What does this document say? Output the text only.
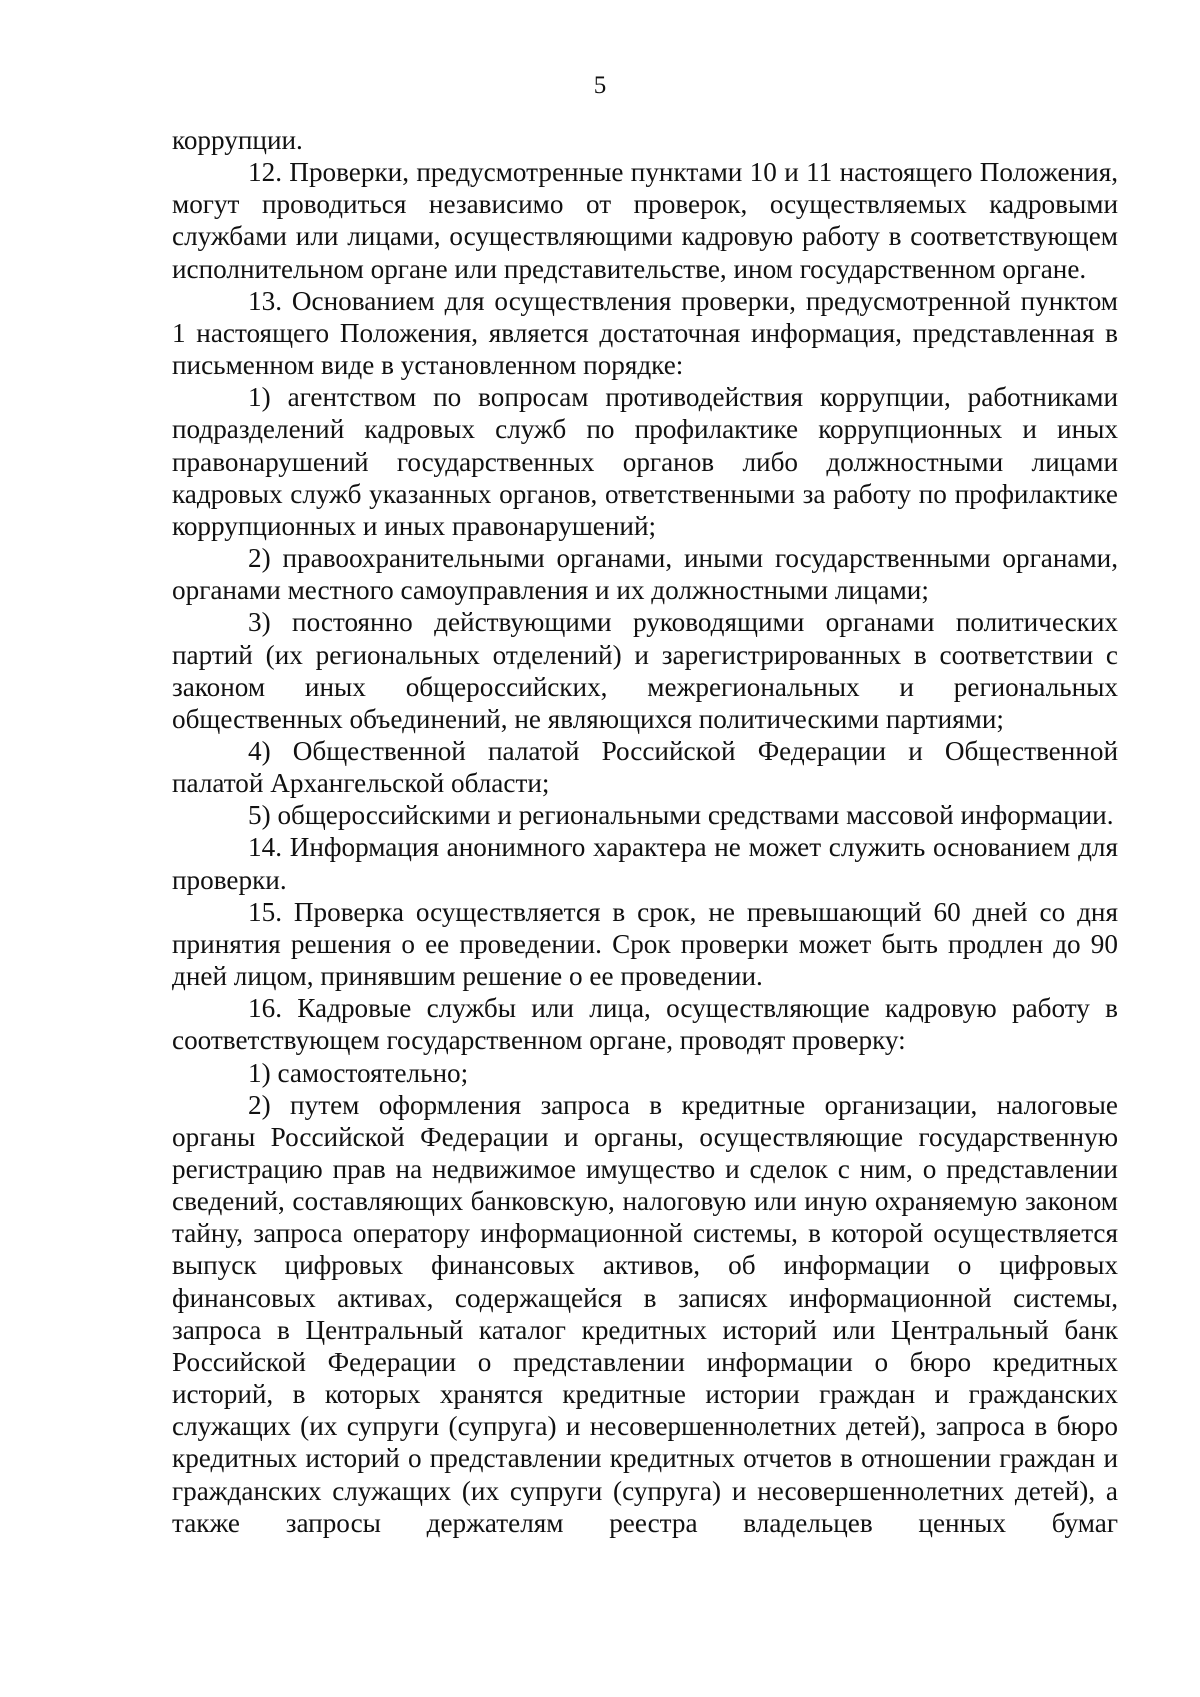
5

коррупции.

12. Проверки, предусмотренные пунктами 10 и 11 настоящего Положения, могут проводиться независимо от проверок, осуществляемых кадровыми службами или лицами, осуществляющими кадровую работу в соответствующем исполнительном органе или представительстве, ином государственном органе.

13. Основанием для осуществления проверки, предусмотренной пунктом 1 настоящего Положения, является достаточная информация, представленная в письменном виде в установленном порядке:

1) агентством по вопросам противодействия коррупции, работниками подразделений кадровых служб по профилактике коррупционных и иных правонарушений государственных органов либо должностными лицами кадровых служб указанных органов, ответственными за работу по профилактике коррупционных и иных правонарушений;

2) правоохранительными органами, иными государственными органами, органами местного самоуправления и их должностными лицами;

3) постоянно действующими руководящими органами политических партий (их региональных отделений) и зарегистрированных в соответствии с законом иных общероссийских, межрегиональных и региональных общественных объединений, не являющихся политическими партиями;

4) Общественной палатой Российской Федерации и Общественной палатой Архангельской области;

5) общероссийскими и региональными средствами массовой информации.

14. Информация анонимного характера не может служить основанием для проверки.

15. Проверка осуществляется в срок, не превышающий 60 дней со дня принятия решения о ее проведении. Срок проверки может быть продлен до 90 дней лицом, принявшим решение о ее проведении.

16. Кадровые службы или лица, осуществляющие кадровую работу в соответствующем государственном органе, проводят проверку:

1) самостоятельно;

2) путем оформления запроса в кредитные организации, налоговые органы Российской Федерации и органы, осуществляющие государственную регистрацию прав на недвижимое имущество и сделок с ним, о представлении сведений, составляющих банковскую, налоговую или иную охраняемую законом тайну, запроса оператору информационной системы, в которой осуществляется выпуск цифровых финансовых активов, об информации о цифровых финансовых активах, содержащейся в записях информационной системы, запроса в Центральный каталог кредитных историй или Центральный банк Российской Федерации о представлении информации о бюро кредитных историй, в которых хранятся кредитные истории граждан и гражданских служащих (их супруги (супруга) и несовершеннолетних детей), запроса в бюро кредитных историй о представлении кредитных отчетов в отношении граждан и гражданских служащих (их супруги (супруга) и несовершеннолетних детей), а также запросы держателям реестра владельцев ценных бумаг
